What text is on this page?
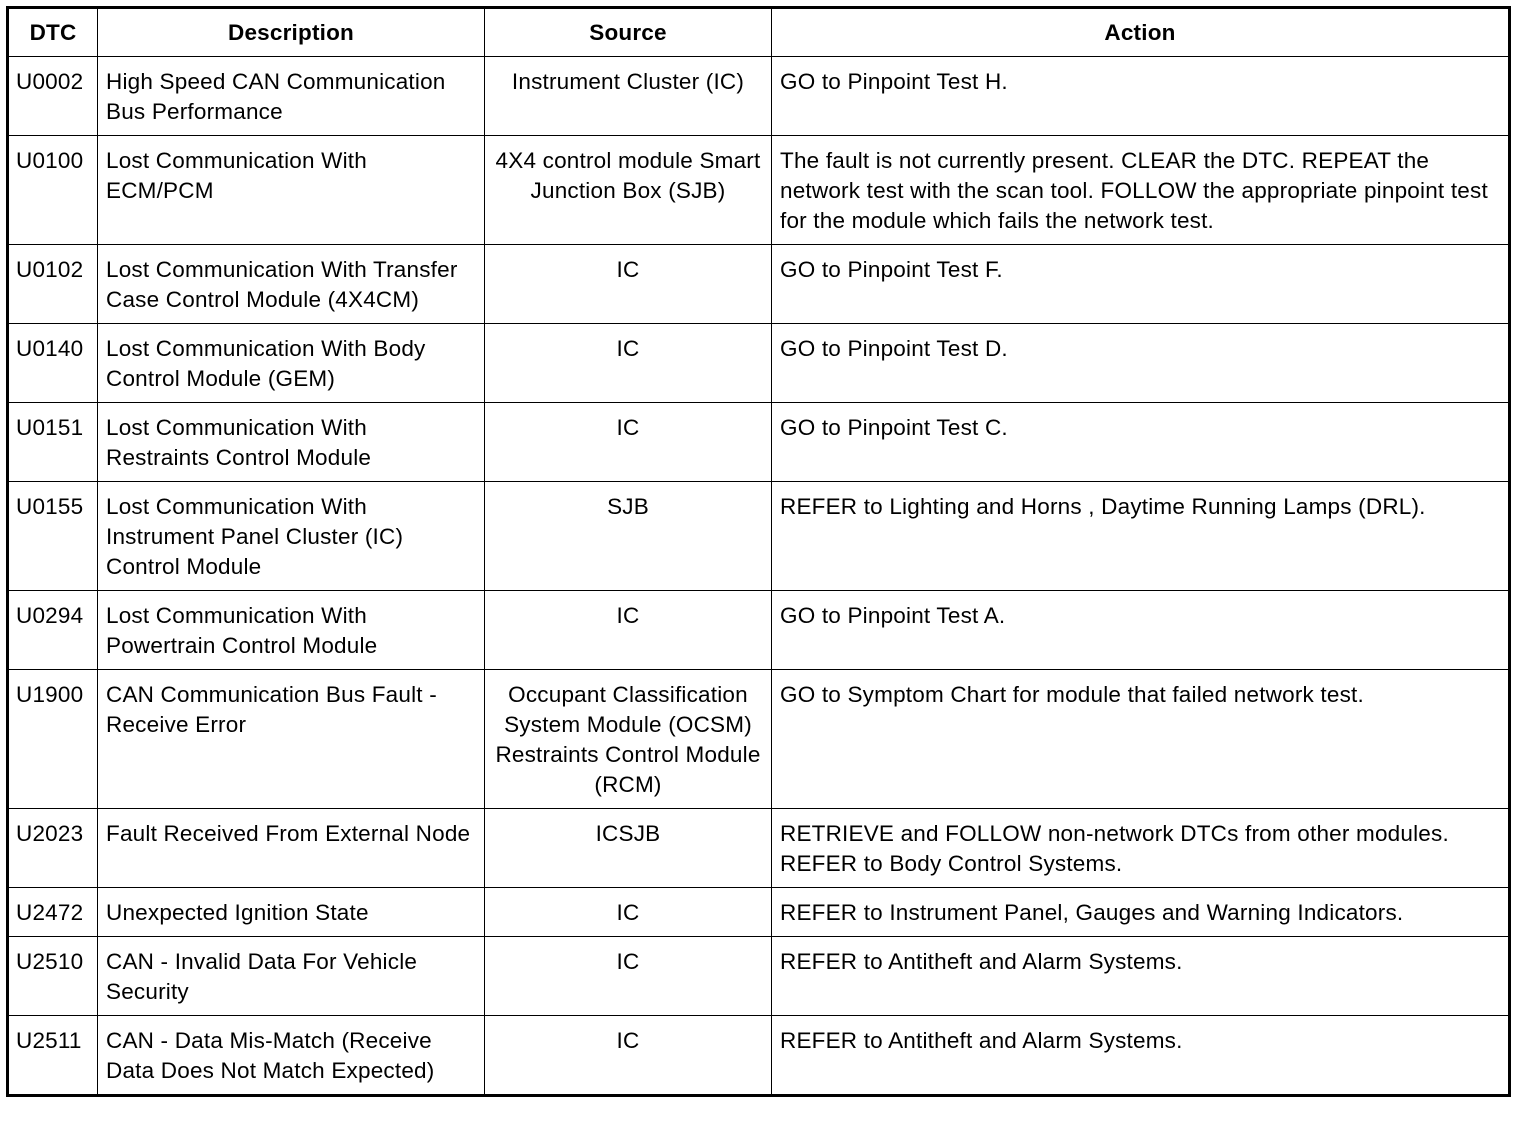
DTC	Description	Source	Action
U0002	High Speed CAN Communication Bus Performance	Instrument Cluster (IC)	GO to Pinpoint Test H.
U0100	Lost Communication With ECM/PCM	4X4 control module Smart Junction Box (SJB)	The fault is not currently present. CLEAR the DTC. REPEAT the network test with the scan tool. FOLLOW the appropriate pinpoint test for the module which fails the network test.
U0102	Lost Communication With Transfer Case Control Module (4X4CM)	IC	GO to Pinpoint Test F.
U0140	Lost Communication With Body Control Module (GEM)	IC	GO to Pinpoint Test D.
U0151	Lost Communication With Restraints Control Module	IC	GO to Pinpoint Test C.
U0155	Lost Communication With Instrument Panel Cluster (IC) Control Module	SJB	REFER to Lighting and Horns , Daytime Running Lamps (DRL).
U0294	Lost Communication With Powertrain Control Module	IC	GO to Pinpoint Test A.
U1900	CAN Communication Bus Fault - Receive Error	Occupant Classification System Module (OCSM) Restraints Control Module (RCM)	GO to Symptom Chart for module that failed network test.
U2023	Fault Received From External Node	ICSJB	RETRIEVE and FOLLOW non-network DTCs from other modules. REFER to Body Control Systems.
U2472	Unexpected Ignition State	IC	REFER to Instrument Panel, Gauges and Warning Indicators.
U2510	CAN - Invalid Data For Vehicle Security	IC	REFER to Antitheft and Alarm Systems.
U2511	CAN - Data Mis-Match (Receive Data Does Not Match Expected)	IC	REFER to Antitheft and Alarm Systems.
